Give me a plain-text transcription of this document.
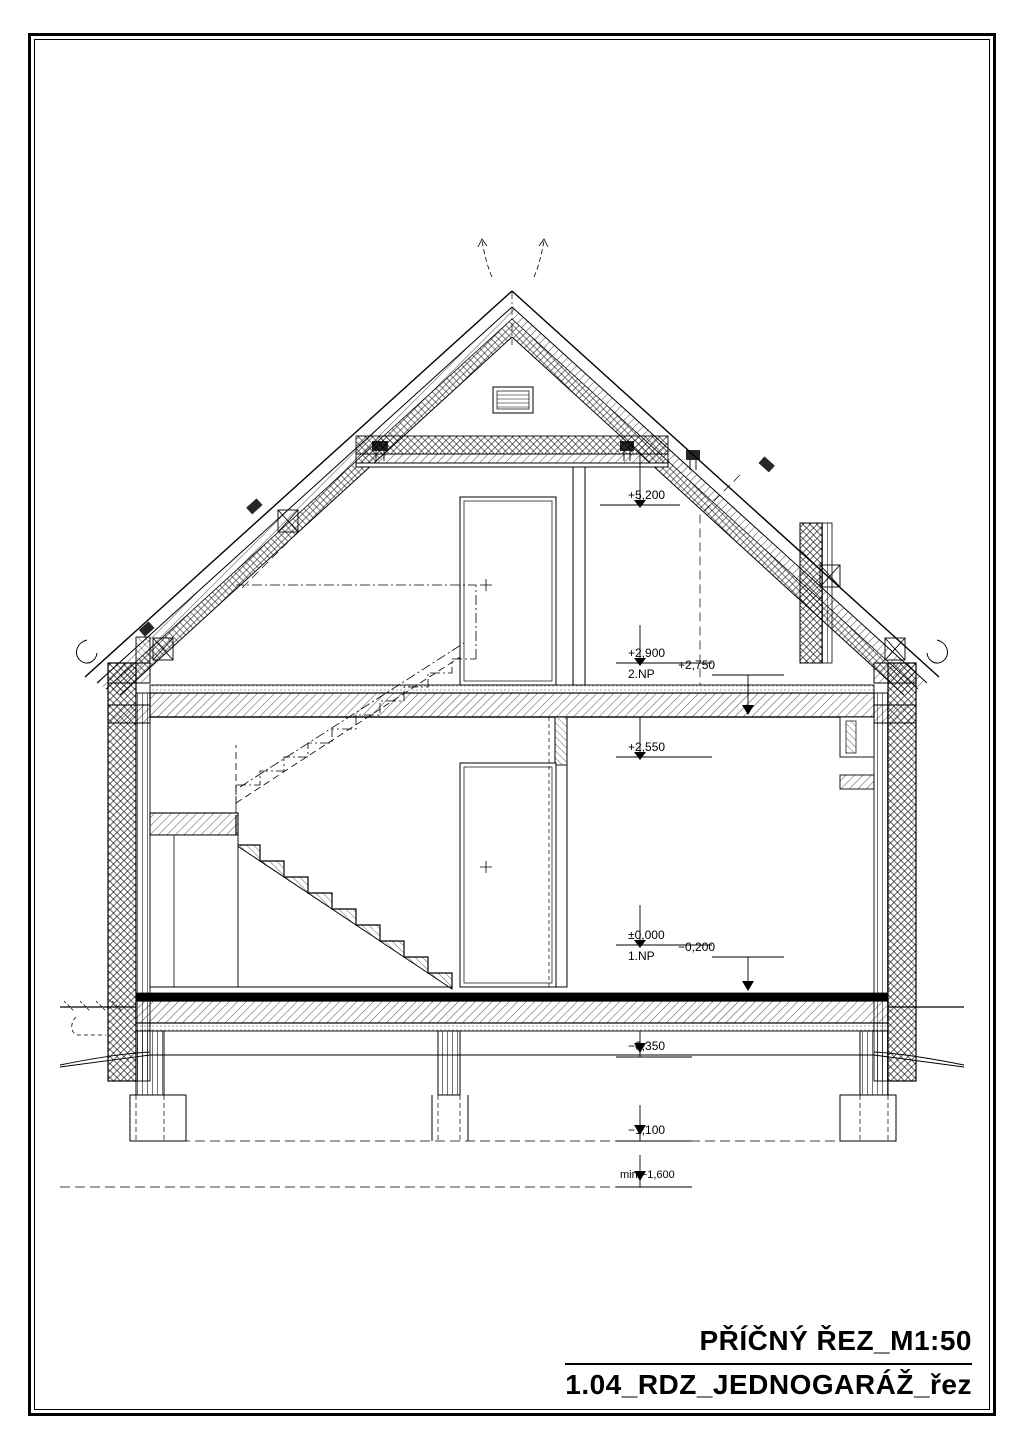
+5,200
+2,900
2.NP
+2,750
+2,550
±0,000
1.NP
−0,200
−0,350
−1,100
min.−1,600
PŘÍČNÝ ŘEZ_M1:50
1.04_RDZ_JEDNOGARÁŽ_řez
